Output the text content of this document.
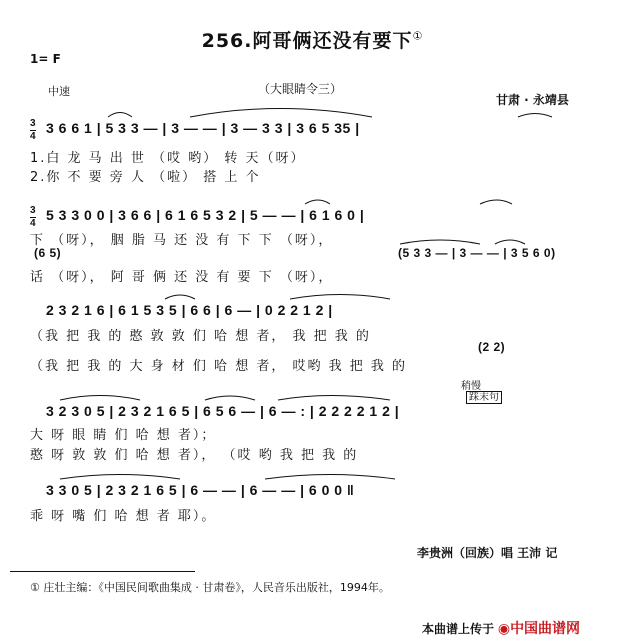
256.阿哥俩还没有要下①
1= F
中速	（大眼睛令三）
甘肃 · 永靖县
3
4
3 6 6 1 | 5 3 3 — | 3 — — | 3 — 3 3 | 3 6 5 35 |
1.白 龙 马 出 世 （哎 哟） 转 天（呀）
2.你 不 要 旁 人 （啦） 搭 上 个
3
4
5 3 3 0 0 | 3 6 6 | 6 1 6 5 3 2 | 5 — — | 6 1 6 0 |
下 （呀）， 胭 脂 马 还 没 有 下 下 （呀），
(6 5)	(5 3 3 — | 3 — — | 3 5 6 0)
话 （呀）， 阿 哥 俩 还 没 有 要 下 （呀），
2 3 2 1 6 | 6 1 5 3 5 | 6 6 | 6 — | 0 2 2 1 2 |
（我 把 我 的 憨 敦 敦 们 哈 想 者， 我 把 我 的
(2 2)
（我 把 我 的 大 身 材 们 哈 想 者， 哎哟 我 把 我 的
稍慢
踩末句
3 2 3 0 5 | 2 3 2 1 6 5 | 6 5 6 — | 6 — : | 2 2 2 2 1 2 |
大 呀 眼 睛 们 哈 想 者）；
憨 呀 敦 敦 们 哈 想 者）， （哎 哟 我 把 我 的
3 3 0 5 | 2 3 2 1 6 5 | 6 — — | 6 — — | 6 0 0 ‖
乖 呀 嘴 们 哈 想 者 耶）。
李贵洲（回族）唱 王沛 记
① 庄壮主编：《中国民间歌曲集成 · 甘肃卷》，人民音乐出版社，1994年。
本曲谱上传于 ◉中国曲谱网
